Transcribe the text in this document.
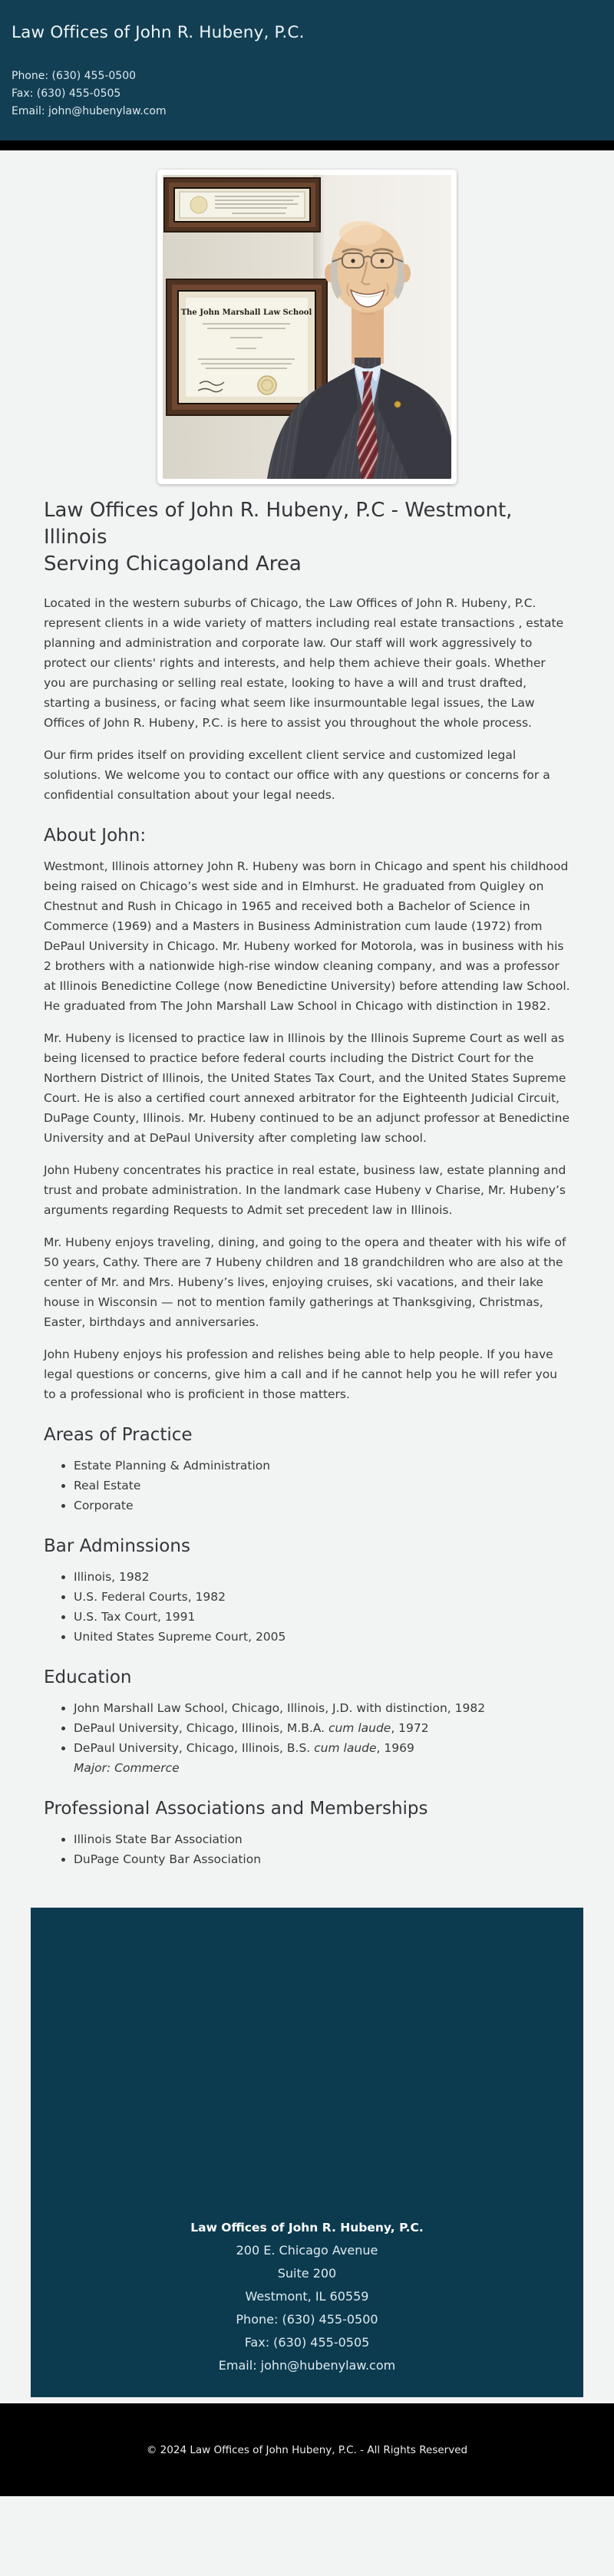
Law Offices of John R. Hubeny, P.C.
Phone: (630) 455-0500
Fax: (630) 455-0505
Email: john@hubenylaw.com
The John Marshall Law School
Law Offices of John R. Hubeny, P.C - Westmont, Illinois
Serving Chicagoland Area

Located in the western suburbs of Chicago, the Law Offices of John R. Hubeny, P.C. represent clients in a wide variety of matters including real estate transactions , estate planning and administration and corporate law. Our staff will work aggressively to protect our clients' rights and interests, and help them achieve their goals. Whether you are purchasing or selling real estate, looking to have a will and trust drafted, starting a business, or facing what seem like insurmountable legal issues, the Law Offices of John R. Hubeny, P.C. is here to assist you throughout the whole process.

Our firm prides itself on providing excellent client service and customized legal solutions. We welcome you to contact our office with any questions or concerns for a confidential consultation about your legal needs.

About John:

Westmont, Illinois attorney John R. Hubeny was born in Chicago and spent his childhood being raised on Chicago’s west side and in Elmhurst. He graduated from Quigley on Chestnut and Rush in Chicago in 1965 and received both a Bachelor of Science in Commerce (1969) and a Masters in Business Administration cum laude (1972) from DePaul University in Chicago. Mr. Hubeny worked for Motorola, was in business with his 2 brothers with a nationwide high-rise window cleaning company, and was a professor at Illinois Benedictine College (now Benedictine University) before attending law School. He graduated from The John Marshall Law School in Chicago with distinction in 1982.

Mr. Hubeny is licensed to practice law in Illinois by the Illinois Supreme Court as well as being licensed to practice before federal courts including the District Court for the Northern District of Illinois, the United States Tax Court, and the United States Supreme Court. He is also a certified court annexed arbitrator for the Eighteenth Judicial Circuit, DuPage County, Illinois. Mr. Hubeny continued to be an adjunct professor at Benedictine University and at DePaul University after completing law school.

John Hubeny concentrates his practice in real estate, business law, estate planning and trust and probate administration. In the landmark case Hubeny v Charise, Mr. Hubeny’s arguments regarding Requests to Admit set precedent law in Illinois.

Mr. Hubeny enjoys traveling, dining, and going to the opera and theater with his wife of 50 years, Cathy. There are 7 Hubeny children and 18 grandchildren who are also at the center of Mr. and Mrs. Hubeny’s lives, enjoying cruises, ski vacations, and their lake house in Wisconsin — not to mention family gatherings at Thanksgiving, Christmas, Easter, birthdays and anniversaries.

John Hubeny enjoys his profession and relishes being able to help people. If you have legal questions or concerns, give him a call and if he cannot help you he will refer you to a professional who is proficient in those matters.

Areas of Practice
• Estate Planning & Administration
• Real Estate
• Corporate
Bar Adminssions
• Illinois, 1982
• U.S. Federal Courts, 1982
• U.S. Tax Court, 1991
• United States Supreme Court, 2005
Education
• John Marshall Law School, Chicago, Illinois, J.D. with distinction, 1982
• DePaul University, Chicago, Illinois, M.B.A. cum laude, 1972
• DePaul University, Chicago, Illinois, B.S. cum laude, 1969
Major: Commerce
Professional Associations and Memberships
• Illinois State Bar Association
• DuPage County Bar Association
Law Offices of John R. Hubeny, P.C.
200 E. Chicago Avenue
Suite 200
Westmont, IL 60559
Phone: (630) 455-0500
Fax: (630) 455-0505
Email: john@hubenylaw.com
© 2024 Law Offices of John Hubeny, P.C. - All Rights Reserved
